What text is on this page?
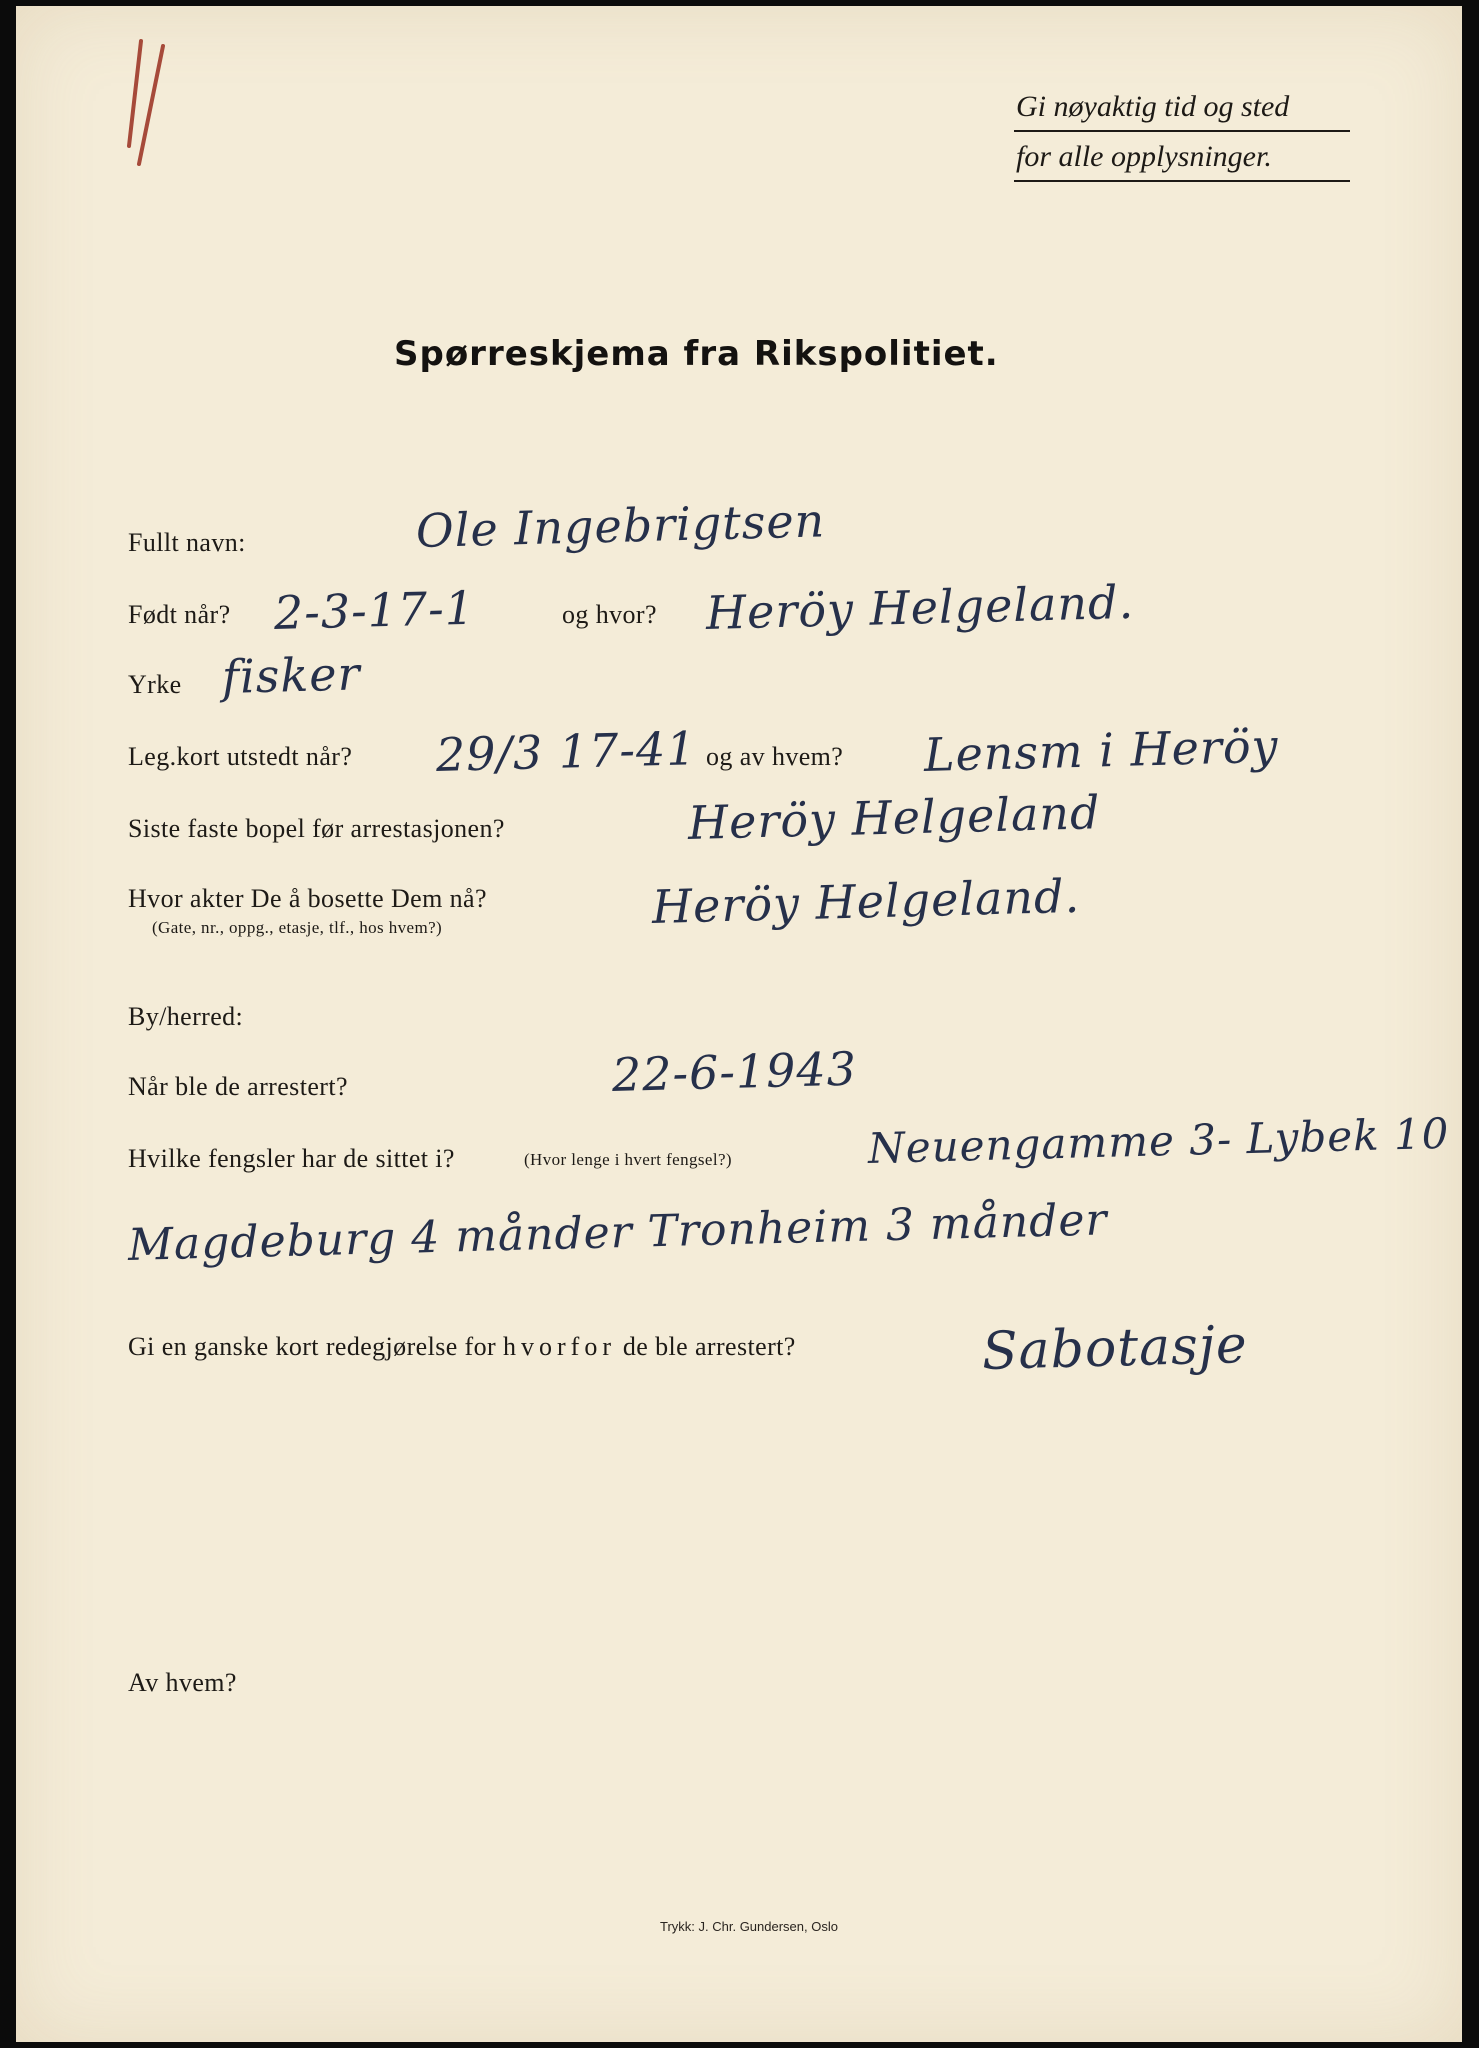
Gi nøyaktig tid og sted
for alle opplysninger.
Spørreskjema fra Rikspolitiet.
Fullt navn:	Ole Ingebrigtsen
Født når? 2-3-17-1	og hvor? Heröy Helgeland.
Yrke fisker
Leg.kort utstedt når? 29/3 17-41 og av hvem? Lensm i Heröy
Siste faste bopel før arrestasjonen?	Heröy Helgeland
Hvor akter De å bosette Dem nå?
(Gate, nr., oppg., etasje, tlf., hos hvem?)	Heröy Helgeland.
By/herred:
Når ble de arrestert?	22-6-1943
Hvilke fengsler har de sittet i?	(Hvor lenge i hvert fengsel?)	Neuengamme 3- Lybek 10
Magdeburg 4 månder Tronheim 3 månder
Gi en ganske kort redegjørelse for hvorfor de ble arrestert?	Sabotasje
Av hvem?
Trykk: J. Chr. Gundersen, Oslo
